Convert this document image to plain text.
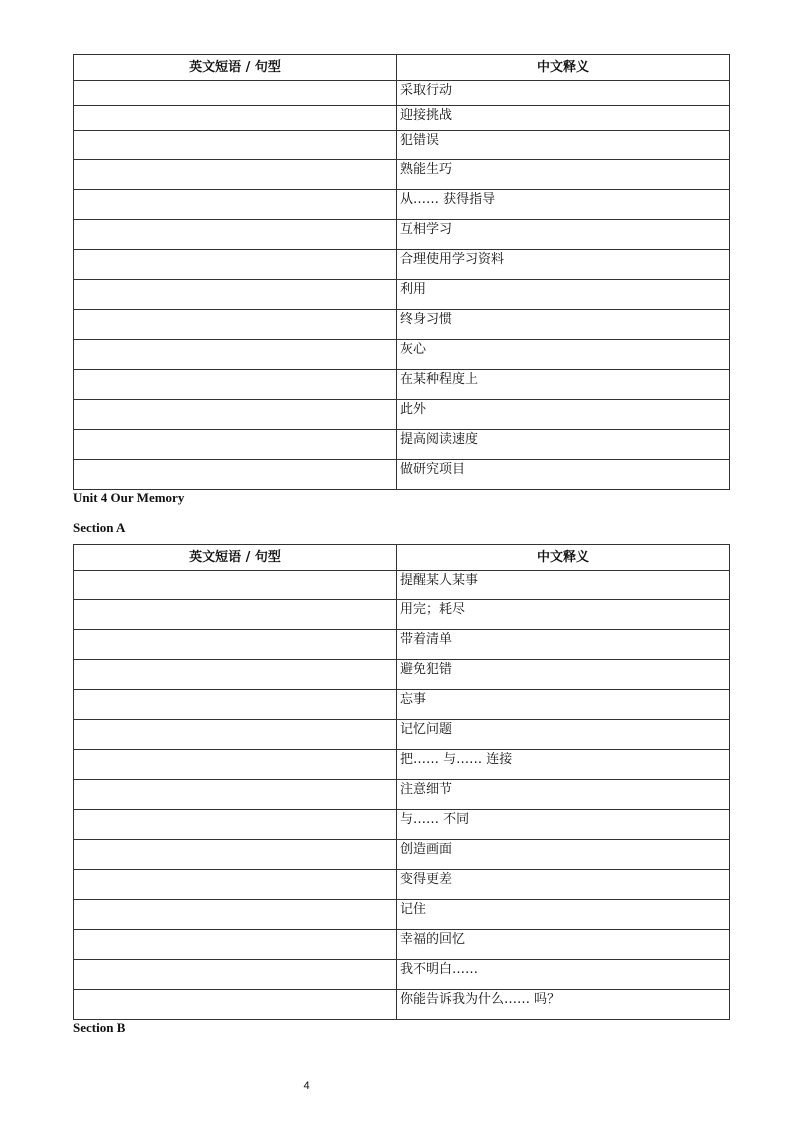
英文短语 / 句型	中文释义
	采取行动
	迎接挑战
	犯错误
	熟能生巧
	从…… 获得指导
	互相学习
	合理使用学习资料
	利用
	终身习惯
	灰心
	在某种程度上
	此外
	提高阅读速度
	做研究项目
Unit 4 Our Memory
Section A
英文短语 / 句型	中文释义
	提醒某人某事
	用完；耗尽
	带着清单
	避免犯错
	忘事
	记忆问题
	把…… 与…… 连接
	注意细节
	与…… 不同
	创造画面
	变得更差
	记住
	幸福的回忆
	我不明白……
	你能告诉我为什么…… 吗？
Section B
4
